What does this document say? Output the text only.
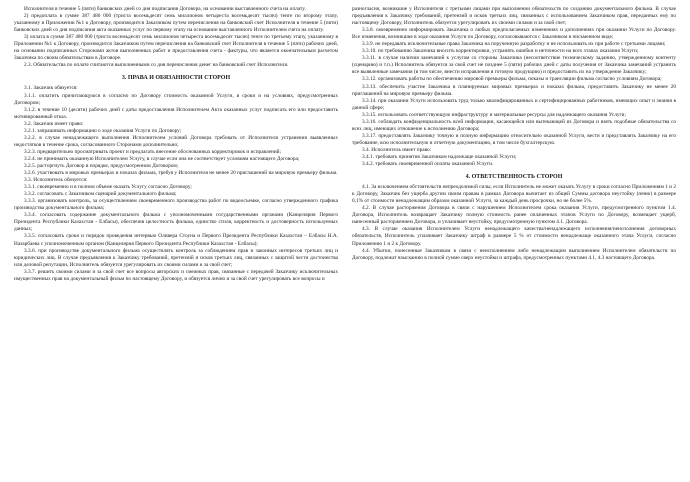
Исполнителя в течение 5 (пяти) банковских дней со дня подписания Договора, на основании выставленного счета на оплату.

2) предоплата в сумме 387 480 000 (триста восемьдесят семь миллионов четыреста восемьдесят тысяч) тенге по второму этапу, указанному в Приложении №1 к Договору, производится Заказчиком путем перечисления на банковский счет Исполнителя в течение 5 (пяти) банковских дней со дня подписания акта оказанных услуг по первому этапу на основании выставленного Исполнителем счета на оплату.

3) оплата в сумме 387 480 000 (триста восемьдесят семь миллионов четыреста восемьдесят тысяч) тенге по третьему этапу, указанному в Приложении №1 к Договору, производится Заказчиком путем перечисления на банковский счет Исполнителя в течение 5 (пяти) рабочих дней, на основании подписанных Сторонами актов выполненных работ и предоставления счета - фактуры, что является окончательным расчетом Заказчика по своим обязательствам в Договоре.

2.3. Обязательства по оплате считаются выполненными со дня перечисления денег на банковский счет Исполнителя.

3. ПРАВА И ОБЯЗАННОСТИ СТОРОН

3.1. Заказчик обязуется:

3.1.1. оплатить причитающуюся в согласно по Договору стоимость оказанной Услуги, в сроки и на условиях, предусмотренных Договором;

3.1.2. в течение 10 (десяти) рабочих дней с даты предоставления Исполнителем Акта оказанных услуг подписать его или предоставить мотивированный отказ.

3.2. Заказчик имеет право:

3.2.1. запрашивать информацию о ходе оказания Услуги по Договору;

3.2.2. в случае ненадлежащего выполнения Исполнителем условий Договора требовать от Исполнителя устранения выявленных недостатков в течение срока, согласованного Сторонами дополнительно;

3.2.3. предварительно просматривать проект и предлагать внесение обоснованных корректировок и исправлений;

3.2.4. не принимать оказанную Исполнителем Услугу, в случае если она не соответствует условиям настоящего Договора;

3.2.5. расторгнуть Договор в порядке, предусмотренном Договором;

3.2.6. участвовать в мировых премьерах и показах фильма, требуя у Исполнителя не менее 20 приглашений на мировую премьеру фильма.

3.3. Исполнитель обязуется:

3.3.1. своевременно и в полном объеме оказать Услугу согласно Договору;

3.3.2. согласовать с Заказчиком сценарий документального фильма;

3.3.3. организовать контроль, за осуществлением своевременного производства работ по видеосъемке, согласно утвержденного графика производства документального фильма;

3.3.4. согласовать содержание документального фильма с уполномоченными государственными органами (Канцелярия Первого Президента Республики Казахстан - Елбасы), обеспечив целостность фильма, единство стиля, корректность и достоверность используемых данных;

3.3.5. согласовать сроки и порядок проведения интервью Оливера Стоуна и Первого Президента Республики Казахстан – Елбасы Н.А. Назарбаева с уполномоченным органом (Канцелярия Первого Президента Республики Казахстан - Елбасы);

3.3.6. при производстве документального фильма осуществлять контроль за соблюдением прав и законных интересов третьих лиц и юридических лиц. В случае предъявления к Заказчику требований, претензий и исков третьих лиц, связанных с защитой чести достоинства или деловой репутации, Исполнитель обязуется урегулировать их своими силами и за свой счет;

3.3.7. решить своими силами и за свой счет все вопросы авторских и смежных прав, связанные с передачей Заказчику исключительных имущественных прав на документальный фильм по настоящему Договору, и обязуется лично и за свой счет урегулировать все вопросы и

разногласия, возникшие у Исполнителя с третьими лицами при выполнении обязательств по созданию документального фильма. В случае предъявления к Заказчику требований, претензий и исков третьих лиц, связанных с использованием Заказчиком прав, переданных ему по настоящему Договору, Исполнитель обязуется урегулировать их своими силами и за свой счет;

3.3.8. своевременно информировать Заказчика о любых предполагаемых изменениях и дополнениях при оказании Услуги по Договору. Все изменения, возникшие в ходе оказания Услуги по Договору, согласовываются с Заказчиком в письменном виде;

3.3.9. не передавать исключительные права Заказчика на порученную разработку и не использовать их при работе с третьими лицами;

3.3.10. по требованию Заказчика вносить корректировки, устранять ошибки и неточности на всех этапах оказания Услуги;

3.3.11. в случае наличия замечаний к услугам со стороны Заказчика (несоответствие техническому заданию, утвержденному контенту (сценарию) и т.п.) Исполнитель обязуется за свой счет не позднее 5 (пяти) рабочих дней с даты получения от Заказчика замечаний устранить все выявленные замечания (в том числе, внести исправления в готовую продукцию) и предоставить их на утверждение Заказчику;

3.3.12. организовать работы по обеспечению мировой премьеры фильма, показы и трансляции фильма согласно условиям Договора;

3.3.13. обеспечить участие Заказчика в планируемых мировых премьерах и показах фильма, предоставить Заказчику не менее 20 приглашений на мировую премьеру фильма.

3.3.14. при оказании Услуги использовать труд только квалифицированных и сертифицированных работников, имеющих опыт и знания в данной сфере;

3.3.15. использовать соответствующую инфраструктуру и материальные ресурсы для надлежащего оказания Услуги;

3.3.16. соблюдать конфиденциальность всей информации, касающейся или вытекающей из Договора и взять подобные обязательства со всех лиц, имеющих отношение к исполнению Договора;

3.3.17. предоставлять Заказчику точную и полную информацию относительно оказанной Услуги, вести и представлять Заказчику на его требование, всю исполнительную и отчетную документацию, в том числе бухгалтерскую.

3.4. Исполнитель имеет право:

3.4.1. требовать принятия Заказчиком надлежаще оказанной Услуги;

3.4.2. требовать своевременной оплаты оказанной Услуги.

4. ОТВЕТСТВЕННОСТЬ СТОРОН

4.1. За исключением обстоятельств непреодолимой силы, если Исполнитель не может оказать Услугу в сроки согласно Приложениям 1 и 2 к Договору, Заказчик без ущерба другим своим правам в рамках Договора вычитает из общей Суммы договора неустойку (пеню) в размере 0,1% от стоимости ненадлежащим образом оказанной Услуги, за каждый день просрочки, но не более 5%.

4.2. В случае расторжения Договора в связи с нарушением Исполнителем срока оказания Услуги, предусмотренного пунктом 1.4. Договора, Исполнитель возвращает Заказчику полную стоимость ранее оплаченных этапов Услуги по Договору, возмещает ущерб, нанесенный расторжением Договора, и уплачивает неустойку, предусмотренную пунктом 4.1. Договора.

4.3. В случае оказания Исполнителем Услуги ненадлежащего качества/ненадлежащего исполнения/неисполнения договорных обязательств, Исполнитель уплачивает Заказчику штраф в размере 5 % от стоимости ненадлежаще оказанного этапа Услуги, согласно Приложению 1 и 2 к Договору.

4.4. Убытки, понесенные Заказчиком в связи с неисполнением либо ненадлежащим выполнением Исполнителем обязательств по Договору, подлежат взысканию в полной сумме сверх неустойки и штрафа, предусмотренных пунктами 4.1, 4.3 настоящего Договора.
